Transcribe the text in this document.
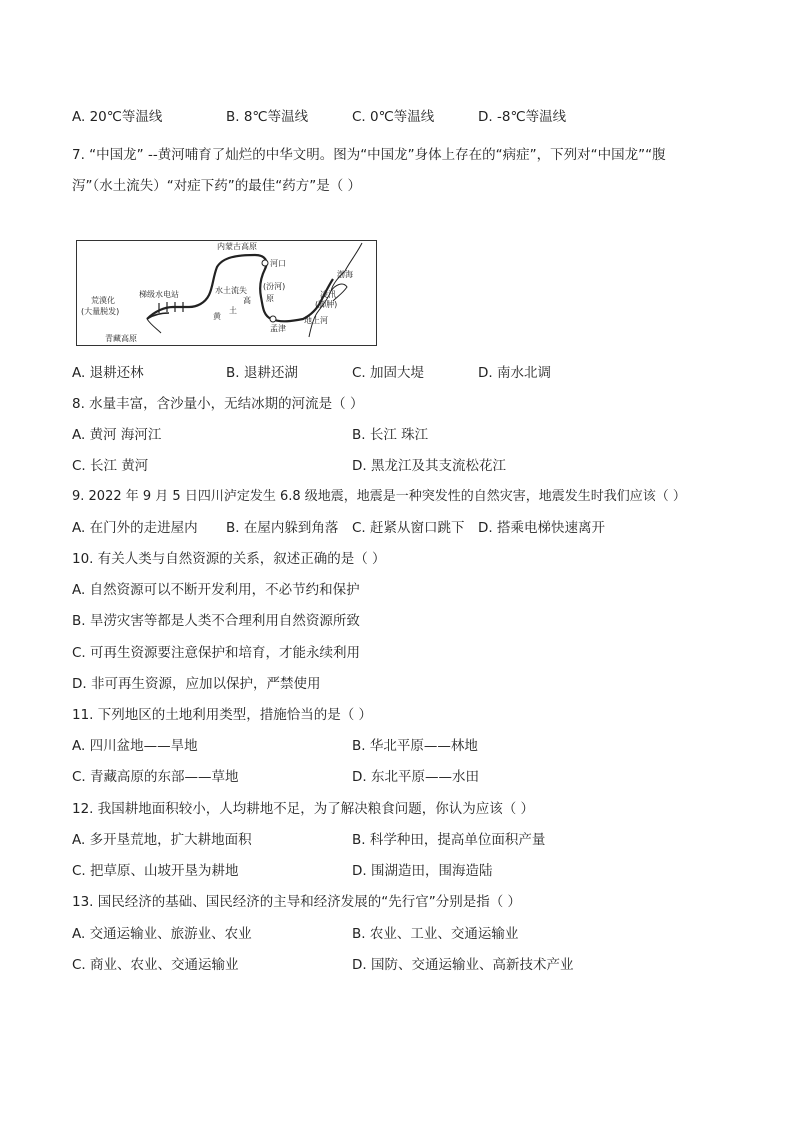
A. 20℃等温线	B. 8℃等温线	C. 0℃等温线	D. -8℃等温线
7. “中国龙” --黄河哺育了灿烂的中华文明。图为“中国龙”身体上存在的“病症”，下列对“中国龙”“腹
泻”（水土流失）“对症下药”的最佳“药方”是（ ）
内蒙古高原
河口
渤海
水土流失
高
(汾河)
原	凌汛
(脚肿)
黄
土
孟津
地上河
荒漠化
(大量脱发)
梯级水电站
青藏高原
A. 退耕还林	B. 退耕还湖	C. 加固大堤	D. 南水北调
8. 水量丰富，含沙量小，无结冰期的河流是（ ）
A. 黄河 海河江	B. 长江 珠江
C. 长江 黄河	D. 黑龙江及其支流松花江
9. 2022 年 9 月 5 日四川泸定发生 6.8 级地震，地震是一种突发性的自然灾害，地震发生时我们应该（ ）
A. 在门外的走进屋内 B. 在屋内躲到角落 C. 赶紧从窗口跳下 D. 搭乘电梯快速离开
10. 有关人类与自然资源的关系，叙述正确的是（ ）
A. 自然资源可以不断开发利用，不必节约和保护
B. 旱涝灾害等都是人类不合理利用自然资源所致
C. 可再生资源要注意保护和培育，才能永续利用
D. 非可再生资源，应加以保护，严禁使用
11. 下列地区的土地利用类型，措施恰当的是（ ）
A. 四川盆地——旱地	B. 华北平原——林地
C. 青藏高原的东部——草地	D. 东北平原——水田
12. 我国耕地面积较小，人均耕地不足，为了解决粮食问题，你认为应该（ ）
A. 多开垦荒地，扩大耕地面积	B. 科学种田，提高单位面积产量
C. 把草原、山坡开垦为耕地	D. 围湖造田，围海造陆
13. 国民经济的基础、国民经济的主导和经济发展的“先行官”分别是指（ ）
A. 交通运输业、旅游业、农业	B. 农业、工业、交通运输业
C. 商业、农业、交通运输业	D. 国防、交通运输业、高新技术产业
